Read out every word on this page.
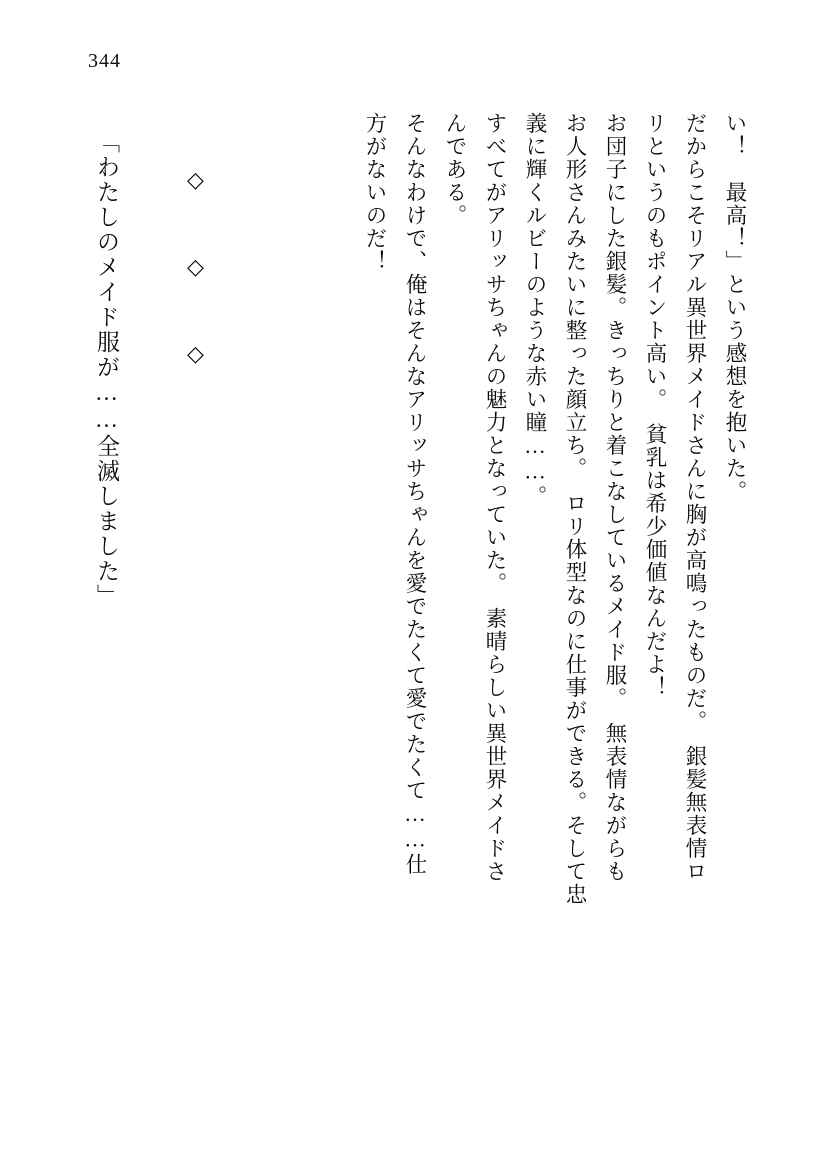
344

い！　最高！」という感想を抱いた。

だからこそリアル異世界メイドさんに胸が高鳴ったものだ。　銀髪無表情ロ

リというのもポイント高い。　貧乳は希少価値なんだよ！

お団子にした銀髪。きっちりと着こなしているメイド服。　無表情ながらも

お人形さんみたいに整った顔立ち。　ロリ体型なのに仕事ができる。そして忠

義に輝くルビーのような赤い瞳……。

すべてがアリッサちゃんの魅力となっていた。　素晴らしい異世界メイドさ

んである。

そんなわけで、俺はそんなアリッサちゃんを愛でたくて愛でたくて……仕

方がないのだ！

◇　◇　◇
「わたしのメイド服が……全滅しました」
